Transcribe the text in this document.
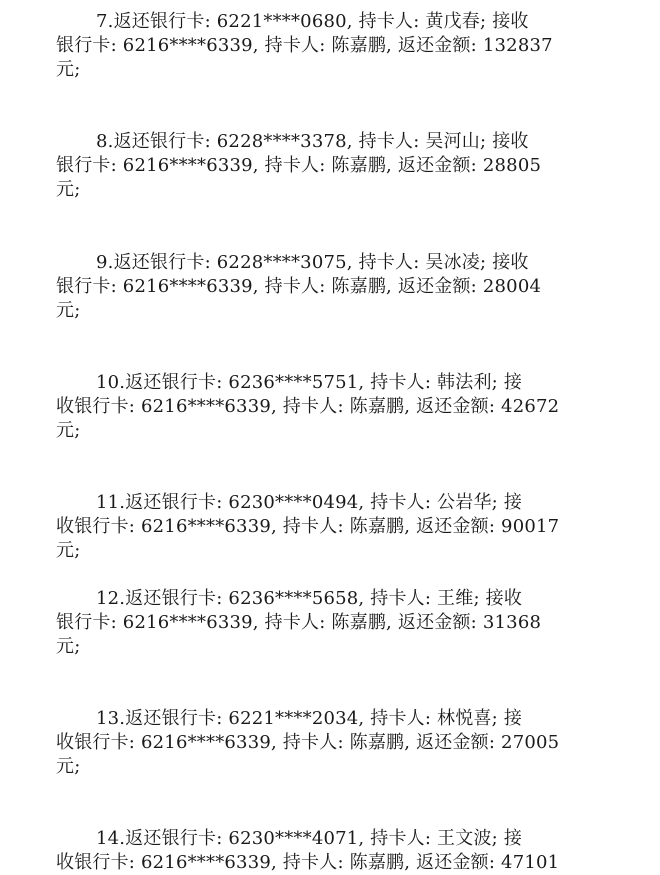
7.返还银行卡: 6221****0680, 持卡人: 黄戊春; 接收
银行卡: 6216****6339, 持卡人: 陈嘉鹏, 返还金额: 132837
元;
8.返还银行卡: 6228****3378, 持卡人: 吴河山; 接收
银行卡: 6216****6339, 持卡人: 陈嘉鹏, 返还金额: 28805
元;
9.返还银行卡: 6228****3075, 持卡人: 吴冰凌; 接收
银行卡: 6216****6339, 持卡人: 陈嘉鹏, 返还金额: 28004
元;
10.返还银行卡: 6236****5751, 持卡人: 韩法利; 接
收银行卡: 6216****6339, 持卡人: 陈嘉鹏, 返还金额: 42672
元;
11.返还银行卡: 6230****0494, 持卡人: 公岩华; 接
收银行卡: 6216****6339, 持卡人: 陈嘉鹏, 返还金额: 90017
元;
12.返还银行卡: 6236****5658, 持卡人: 王维; 接收
银行卡: 6216****6339, 持卡人: 陈嘉鹏, 返还金额: 31368
元;
13.返还银行卡: 6221****2034, 持卡人: 林悦喜; 接
收银行卡: 6216****6339, 持卡人: 陈嘉鹏, 返还金额: 27005
元;
14.返还银行卡: 6230****4071, 持卡人: 王文波; 接
收银行卡: 6216****6339, 持卡人: 陈嘉鹏, 返还金额: 47101
